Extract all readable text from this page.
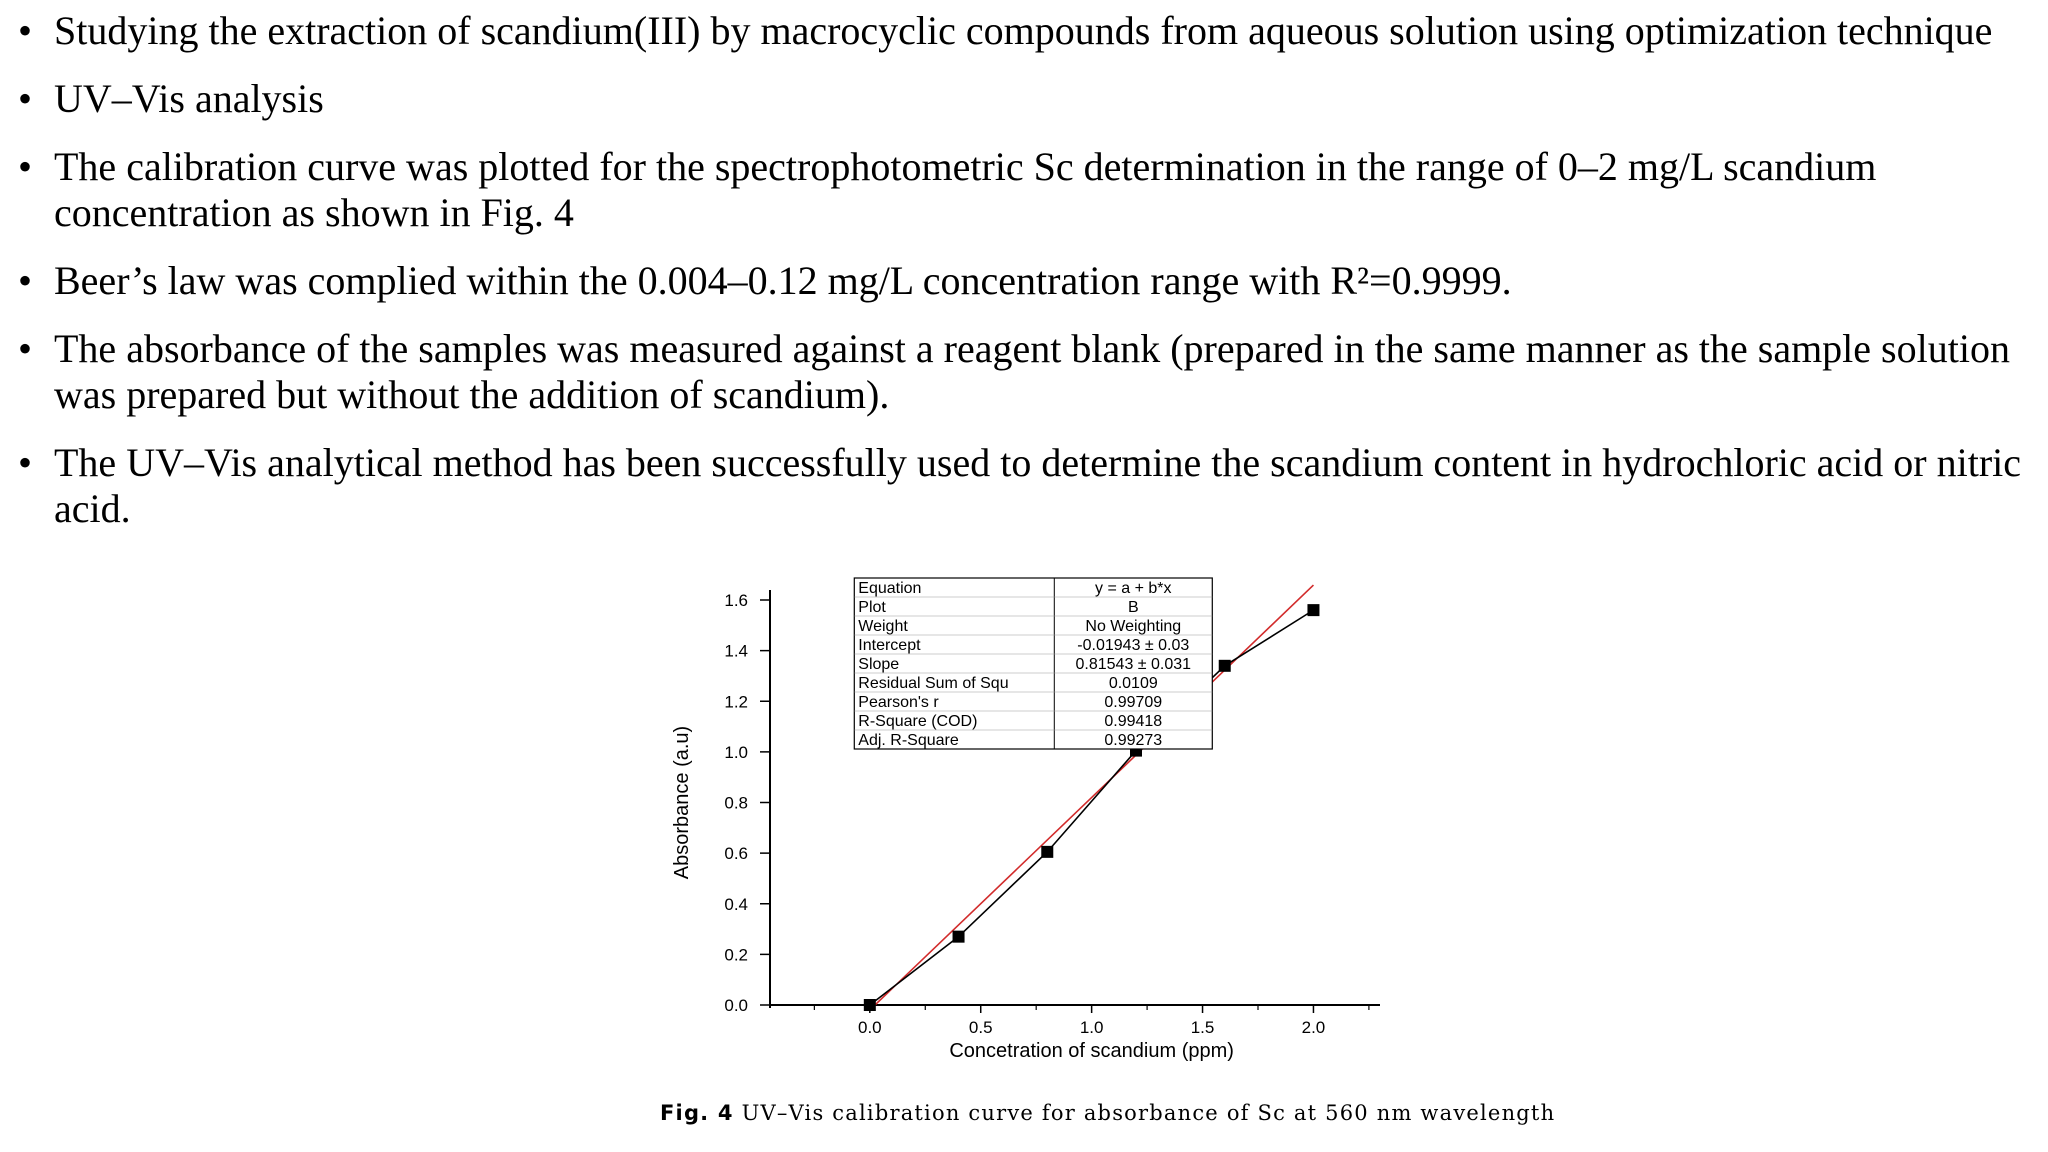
• Studying the extraction of scandium(III) by macrocyclic compounds from aqueous solution using optimization technique
• UV–Vis analysis
• The calibration curve was plotted for the spectrophotometric Sc determination in the range of 0–2 mg/L scandium concentration as shown in Fig. 4
• Beer’s law was complied within the 0.004–0.12 mg/L concentration range with R²=0.9999.
• The absorbance of the samples was measured against a reagent blank (prepared in the same manner as the sample solution was prepared but without the addition of scandium).
• The UV–Vis analytical method has been successfully used to determine the scandium content in hydrochloric acid or nitric acid.
0.0
0.2
0.4
0.6
0.8
1.0
1.2
1.4
1.6
0.0	0.5	1.0	1.5	2.0
Concetration of scandium (ppm)
Absorbance (a.u)
Equation	y = a + b*x
Plot	B
Weight	No Weighting
Intercept	-0.01943 ± 0.03
Slope	0.81543 ± 0.031
Residual Sum of Squ	0.0109
Pearson's r	0.99709
R-Square (COD)	0.99418
Adj. R-Square	0.99273
Fig. 4 UV–Vis calibration curve for absorbance of Sc at 560 nm wavelength
